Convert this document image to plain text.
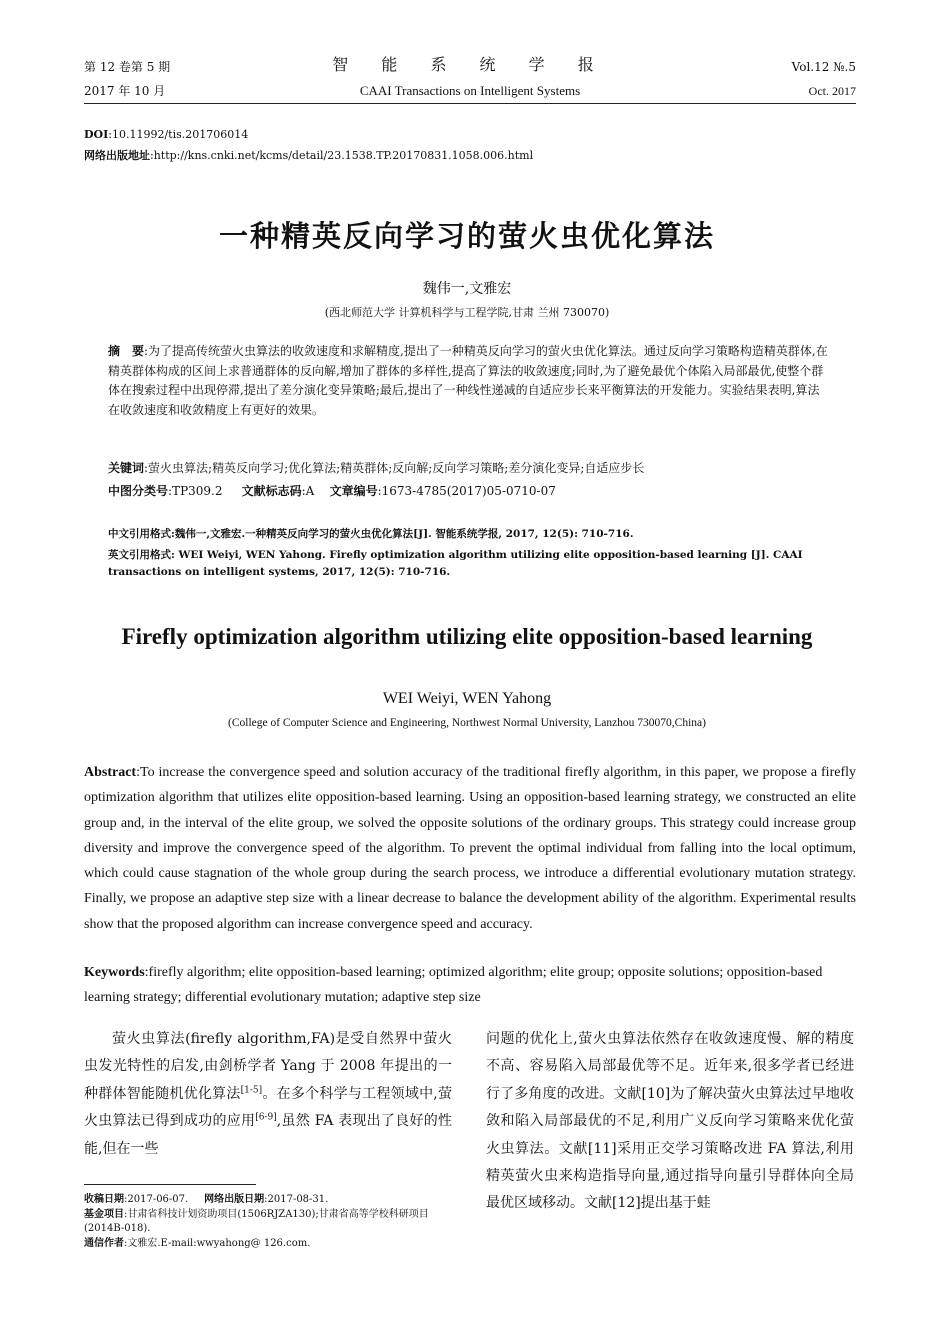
第 12 卷第 5 期	智 能 系 统 学 报	Vol.12 №.5
2017 年 10 月	CAAI Transactions on Intelligent Systems	Oct. 2017
DOI:10.11992/tis.201706014
网络出版地址:http://kns.cnki.net/kcms/detail/23.1538.TP.20170831.1058.006.html
一种精英反向学习的萤火虫优化算法
魏伟一,文雅宏
(西北师范大学 计算机科学与工程学院,甘肃 兰州 730070)
摘　要:为了提高传统萤火虫算法的收敛速度和求解精度,提出了一种精英反向学习的萤火虫优化算法。通过反向学习策略构造精英群体,在精英群体构成的区间上求普通群体的反向解,增加了群体的多样性,提高了算法的收敛速度;同时,为了避免最优个体陷入局部最优,使整个群体在搜索过程中出现停滞,提出了差分演化变异策略;最后,提出了一种线性递减的自适应步长来平衡算法的开发能力。实验结果表明,算法在收敛速度和收敛精度上有更好的效果。
关键词:萤火虫算法;精英反向学习;优化算法;精英群体;反向解;反向学习策略;差分演化变异;自适应步长
中图分类号:TP309.2 文献标志码:A 文章编号:1673-4785(2017)05-0710-07
中文引用格式:魏伟一,文雅宏.一种精英反向学习的萤火虫优化算法[J]. 智能系统学报, 2017, 12(5): 710-716.
英文引用格式: WEI Weiyi, WEN Yahong. Firefly optimization algorithm utilizing elite opposition-based learning [J]. CAAI transactions on intelligent systems, 2017, 12(5): 710-716.
Firefly optimization algorithm utilizing elite opposition-based learning
WEI Weiyi, WEN Yahong
(College of Computer Science and Engineering, Northwest Normal University, Lanzhou 730070,China)
Abstract:To increase the convergence speed and solution accuracy of the traditional firefly algorithm, in this paper, we propose a firefly optimization algorithm that utilizes elite opposition-based learning. Using an opposition-based learning strategy, we constructed an elite group and, in the interval of the elite group, we solved the opposite solutions of the ordinary groups. This strategy could increase group diversity and improve the convergence speed of the algorithm. To prevent the optimal individual from falling into the local optimum, which could cause stagnation of the whole group during the search process, we introduce a differential evolutionary mutation strategy. Finally, we propose an adaptive step size with a linear decrease to balance the development ability of the algorithm. Experimental results show that the proposed algorithm can increase convergence speed and accuracy.
Keywords:firefly algorithm; elite opposition-based learning; optimized algorithm; elite group; opposite solutions; opposition-based learning strategy; differential evolutionary mutation; adaptive step size

萤火虫算法(firefly algorithm,FA)是受自然界中萤火虫发光特性的启发,由剑桥学者 Yang 于 2008 年提出的一种群体智能随机优化算法[1-5]。在多个科学与工程领域中,萤火虫算法已得到成功的应用[6-9],虽然 FA 表现出了良好的性能,但在一些

问题的优化上,萤火虫算法依然存在收敛速度慢、解的精度不高、容易陷入局部最优等不足。近年来,很多学者已经进行了多角度的改进。文献[10]为了解决萤火虫算法过早地收敛和陷入局部最优的不足,利用广义反向学习策略来优化萤火虫算法。文献[11]采用正交学习策略改进 FA 算法,利用精英萤火虫来构造指导向量,通过指导向量引导群体向全局最优区域移动。文献[12]提出基于蛙

收稿日期:2017-06-07. 网络出版日期:2017-08-31.
基金项目:甘肃省科技计划资助项目(1506RJZA130);甘肃省高等学校科研项目(2014B-018).
通信作者:文雅宏.E-mail:wwyahong@ 126.com.
